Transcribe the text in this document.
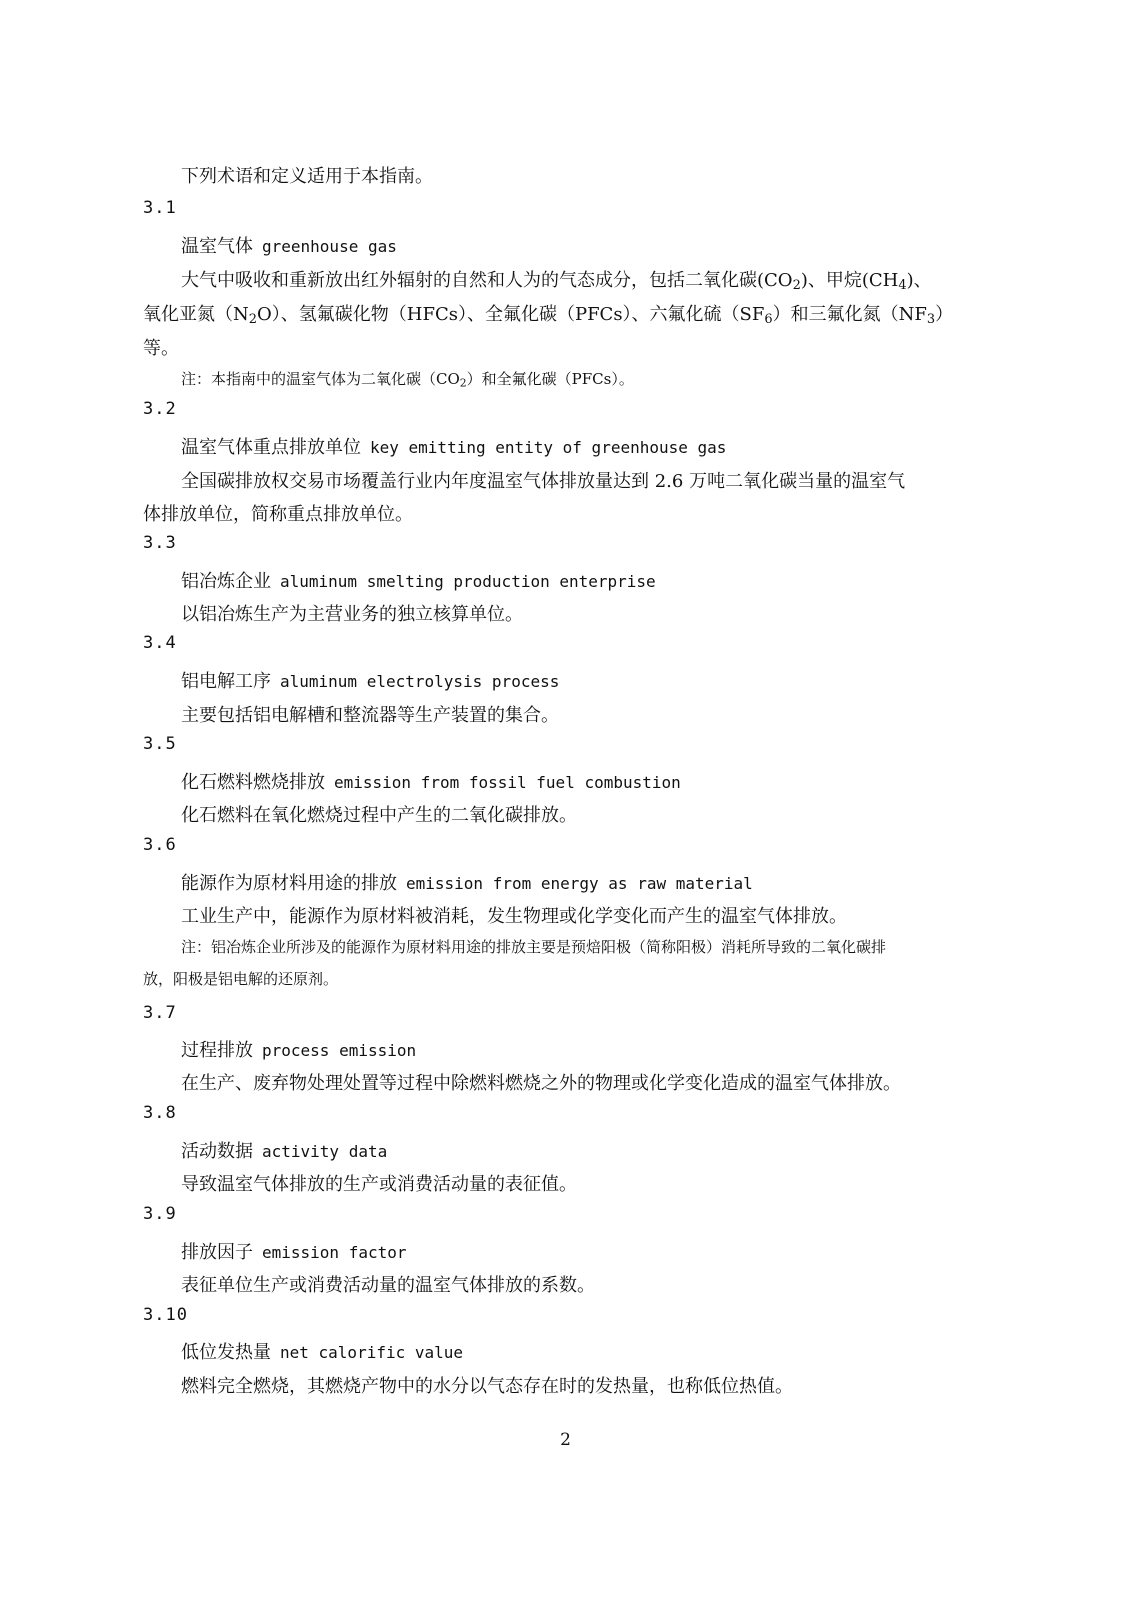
下列术语和定义适用于本指南。

3.1

温室气体 greenhouse gas

大气中吸收和重新放出红外辐射的自然和人为的气态成分，包括二氧化碳$(CO_2)$、甲烷$(CH_4)$、

氧化亚氮$(N_2O)$、氢氟碳化物（HFCs）、全氟化碳（PFCs）、六氟化硫$(SF_6)$和三氟化氮$(NF_3)$

等。

注：本指南中的温室气体为二氧化碳$(CO_2)$和全氟化碳（PFCs）。

3.2

温室气体重点排放单位 key emitting entity of greenhouse gas

全国碳排放权交易市场覆盖行业内年度温室气体排放量达到 2.6 万吨二氧化碳当量的温室气

体排放单位，简称重点排放单位。

3.3

铝冶炼企业 aluminum smelting production enterprise

以铝冶炼生产为主营业务的独立核算单位。

3.4

铝电解工序 aluminum electrolysis process

主要包括铝电解槽和整流器等生产装置的集合。

3.5

化石燃料燃烧排放 emission from fossil fuel combustion

化石燃料在氧化燃烧过程中产生的二氧化碳排放。

3.6

能源作为原材料用途的排放 emission from energy as raw material

工业生产中，能源作为原材料被消耗，发生物理或化学变化而产生的温室气体排放。

注：铝冶炼企业所涉及的能源作为原材料用途的排放主要是预焙阳极（简称阳极）消耗所导致的二氧化碳排

放，阳极是铝电解的还原剂。

3.7

过程排放 process emission

在生产、废弃物处理处置等过程中除燃料燃烧之外的物理或化学变化造成的温室气体排放。

3.8

活动数据 activity data

导致温室气体排放的生产或消费活动量的表征值。

3.9

排放因子 emission factor

表征单位生产或消费活动量的温室气体排放的系数。

3.10

低位发热量 net calorific value

燃料完全燃烧，其燃烧产物中的水分以气态存在时的发热量，也称低位热值。

2
